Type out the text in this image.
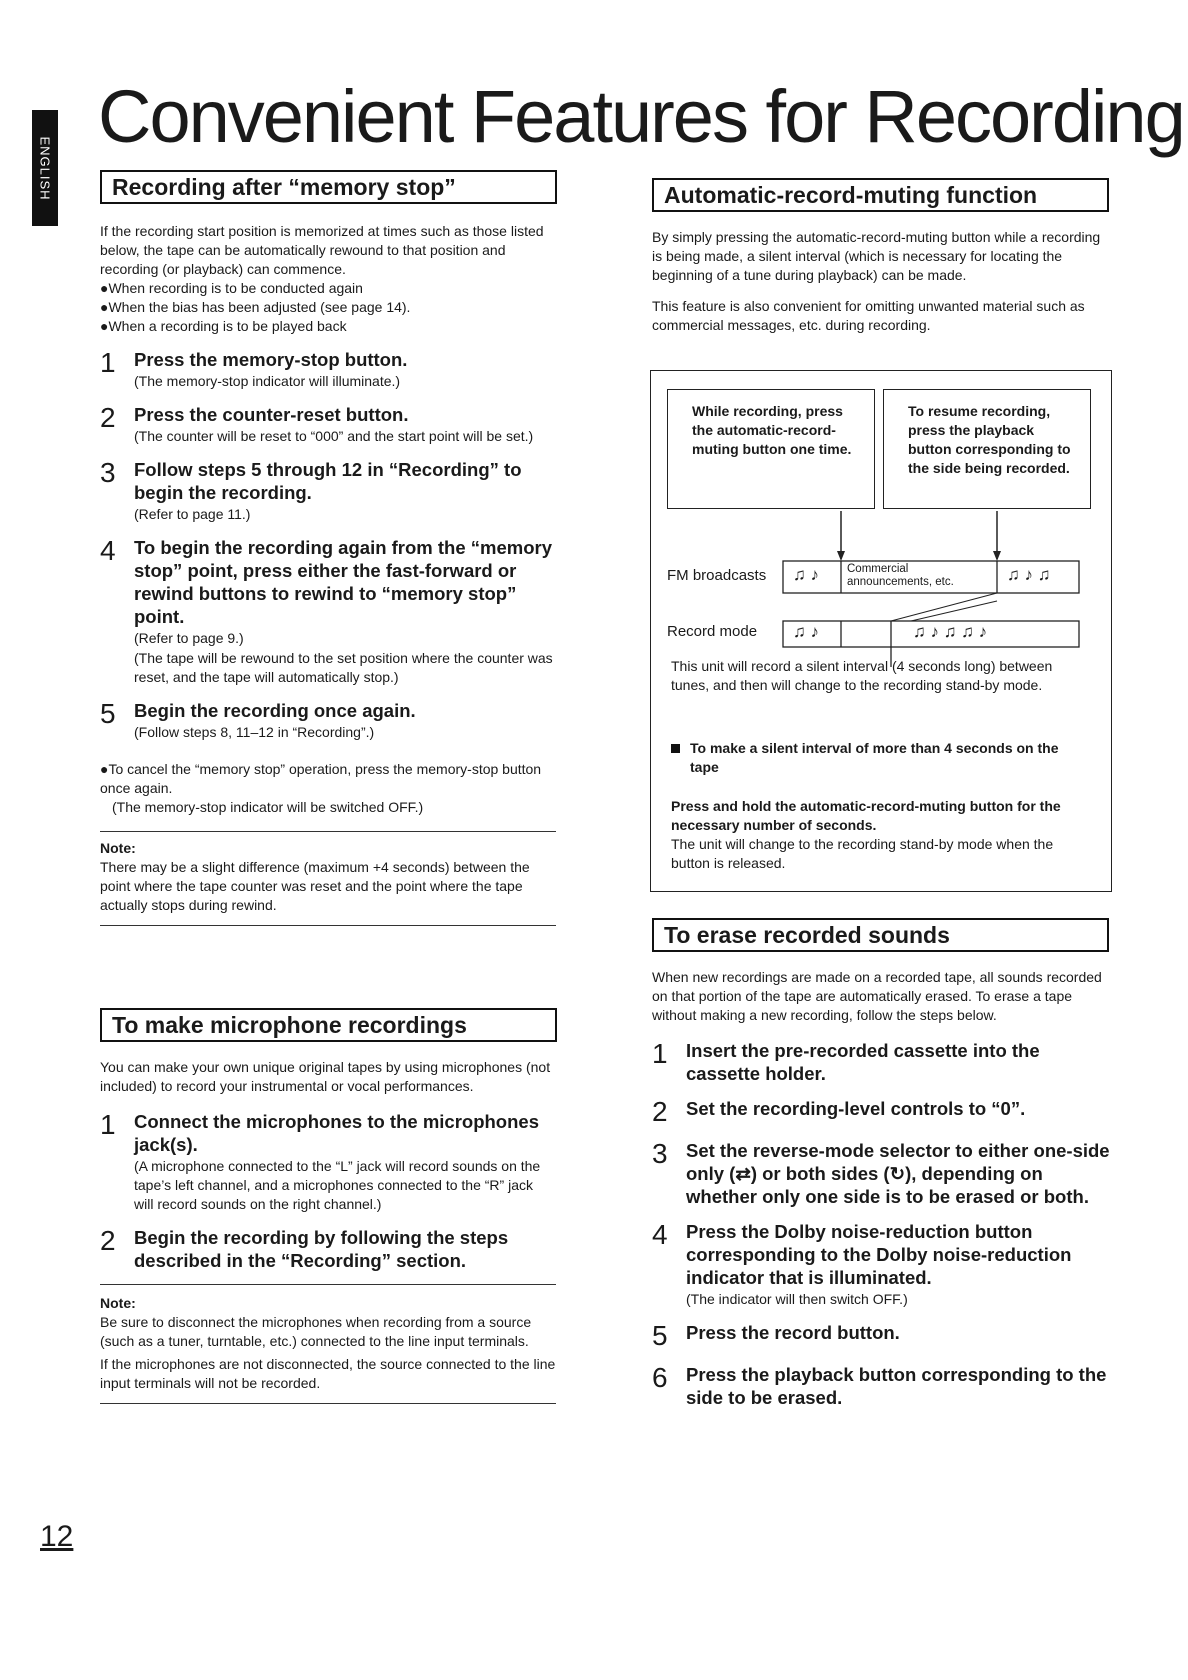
ENGLISH
Convenient Features for Recording
Recording after “memory stop”
If the recording start position is memorized at times such as those listed below, the tape can be automatically rewound to that position and recording (or playback) can commence.
●When recording is to be conducted again
●When the bias has been adjusted (see page 14).
●When a recording is to be played back
1 Press the memory-stop button.
(The memory-stop indicator will illuminate.)
2 Press the counter-reset button.
(The counter will be reset to “000” and the start point will be set.)
3 Follow steps 5 through 12 in “Recording” to begin the recording.
(Refer to page 11.)
4 To begin the recording again from the “memory stop” point, press either the fast-forward or rewind buttons to rewind to “memory stop” point.
(Refer to page 9.)
(The tape will be rewound to the set position where the counter was reset, and the tape will automatically stop.)
5 Begin the recording once again.
(Follow steps 8, 11–12 in “Recording”.)
●To cancel the “memory stop” operation, press the memory-stop button once again.
(The memory-stop indicator will be switched OFF.)
Note:
There may be a slight difference (maximum +4 seconds) between the point where the tape counter was reset and the point where the tape actually stops during rewind.
To make microphone recordings
You can make your own unique original tapes by using microphones (not included) to record your instrumental or vocal performances.
1 Connect the microphones to the microphones jack(s).
(A microphone connected to the “L” jack will record sounds on the tape’s left channel, and a microphones connected to the “R” jack will record sounds on the right channel.)
2 Begin the recording by following the steps described in the “Recording” section.
Note:
Be sure to disconnect the microphones when recording from a source (such as a tuner, turntable, etc.) connected to the line input terminals.
If the microphones are not disconnected, the source connected to the line input terminals will not be recorded.
12
Automatic-record-muting function
By simply pressing the automatic-record-muting button while a recording is being made, a silent interval (which is necessary for locating the beginning of a tune during playback) can be made.
This feature is also convenient for omitting unwanted material such as commercial messages, etc. during recording.
While recording, press the automatic-record-muting button one time.
To resume recording, press the playback button corresponding to the side being recorded.
FM broadcasts
Record mode
♫ ♪ Commercial announcements, etc.	♫ ♪ ♫
♫ ♪	♫ ♪ ♫ ♫ ♪
This unit will record a silent interval (4 seconds long) between tunes, and then will change to the recording stand-by mode.
To make a silent interval of more than 4 seconds on the tape
Press and hold the automatic-record-muting button for the necessary number of seconds.
The unit will change to the recording stand-by mode when the button is released.
To erase recorded sounds
When new recordings are made on a recorded tape, all sounds recorded on that portion of the tape are automatically erased. To erase a tape without making a new recording, follow the steps below.
1 Insert the pre-recorded cassette into the cassette holder.
2 Set the recording-level controls to “0”.
3 Set the reverse-mode selector to either one-side only (⇄) or both sides (↻), depending on whether only one side is to be erased or both.
4 Press the Dolby noise-reduction button corresponding to the Dolby noise-reduction indicator that is illuminated.
(The indicator will then switch OFF.)
5 Press the record button.
6 Press the playback button corresponding to the side to be erased.
